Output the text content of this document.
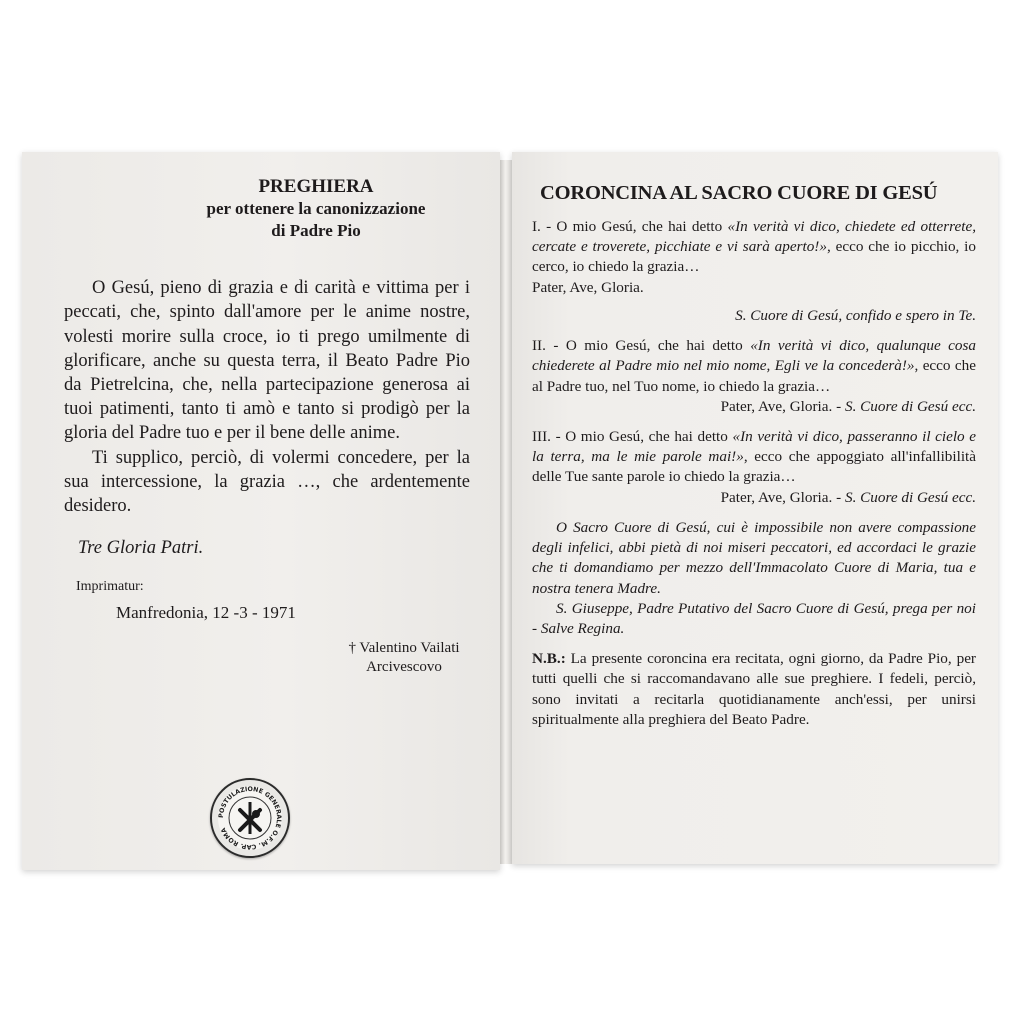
PREGHIERA

per ottenere la canonizzazione

di Padre Pio

O Gesú, pieno di grazia e di carità e vittima per i peccati, che, spinto dall'amore per le anime nostre, volesti morire sulla croce, io ti prego umilmente di glorificare, anche su questa terra, il Beato Padre Pio da Pietrelcina, che, nella partecipazione generosa ai tuoi patimenti, tanto ti amò e tanto si prodigò per la gloria del Padre tuo e per il bene delle anime.

Ti supplico, perciò, di volermi concedere, per la sua intercessione, la grazia …, che ardentemente desidero.

Tre Gloria Patri.

Imprimatur:

Manfredonia, 12 -3 - 1971

† Valentino Vailati

Arcivescovo

POSTULAZIONE GENERALE O.F.M. CAP. ROMA

CORONCINA AL SACRO CUORE DI GESÚ

I. - O mio Gesú, che hai detto «In verità vi dico, chiedete ed otterrete, cercate e troverete, picchiate e vi sarà aperto!», ecco che io picchio, io cerco, io chiedo la grazia…

Pater, Ave, Gloria.

S. Cuore di Gesú, confido e spero in Te.

II. - O mio Gesú, che hai detto «In verità vi dico, qualunque cosa chiederete al Padre mio nel mio nome, Egli ve la concederà!», ecco che al Padre tuo, nel Tuo nome, io chiedo la grazia…

Pater, Ave, Gloria. - S. Cuore di Gesú ecc.

III. - O mio Gesú, che hai detto «In verità vi dico, passeranno il cielo e la terra, ma le mie parole mai!», ecco che appoggiato all'infallibilità delle Tue sante parole io chiedo la grazia…

Pater, Ave, Gloria. - S. Cuore di Gesú ecc.

O Sacro Cuore di Gesú, cui è impossibile non avere compassione degli infelici, abbi pietà di noi miseri peccatori, ed accordaci le grazie che ti domandiamo per mezzo dell'Immacolato Cuore di Maria, tua e nostra tenera Madre.

S. Giuseppe, Padre Putativo del Sacro Cuore di Gesú, prega per noi - Salve Regina.

N.B.: La presente coroncina era recitata, ogni giorno, da Padre Pio, per tutti quelli che si raccomandavano alle sue preghiere. I fedeli, perciò, sono invitati a recitarla quotidianamente anch'essi, per unirsi spiritualmente alla preghiera del Beato Padre.
